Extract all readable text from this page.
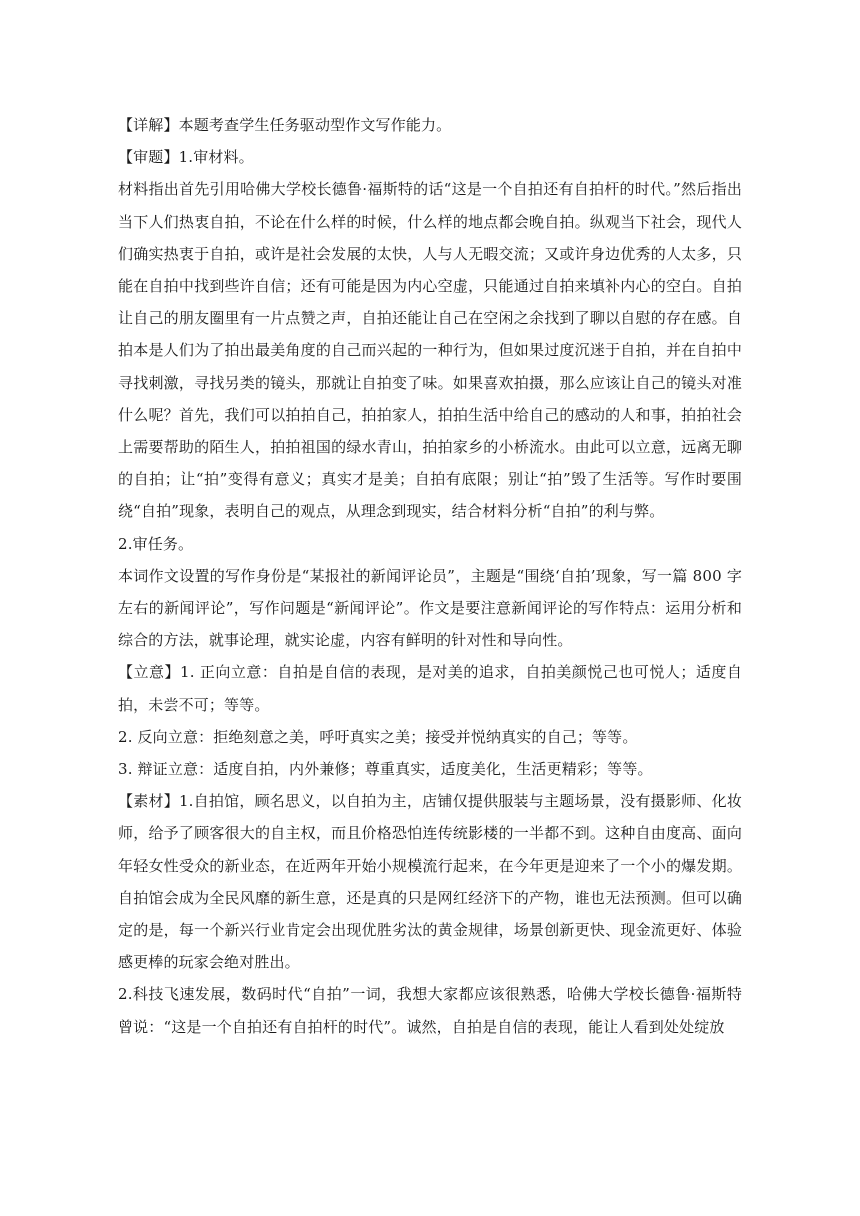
【详解】本题考查学生任务驱动型作文写作能力。

【审题】1.审材料。

材料指出首先引用哈佛大学校长德鲁·福斯特的话“这是一个自拍还有自拍杆的时代。”然后指出当下人们热衷自拍，不论在什么样的时候，什么样的地点都会晚自拍。纵观当下社会，现代人们确实热衷于自拍，或许是社会发展的太快，人与人无暇交流；又或许身边优秀的人太多，只能在自拍中找到些许自信；还有可能是因为内心空虚，只能通过自拍来填补内心的空白。自拍让自己的朋友圈里有一片点赞之声，自拍还能让自己在空闲之余找到了聊以自慰的存在感。自拍本是人们为了拍出最美角度的自己而兴起的一种行为，但如果过度沉迷于自拍，并在自拍中寻找刺激，寻找另类的镜头，那就让自拍变了味。如果喜欢拍摄，那么应该让自己的镜头对准什么呢？首先，我们可以拍拍自己，拍拍家人，拍拍生活中给自己的感动的人和事，拍拍社会上需要帮助的陌生人，拍拍祖国的绿水青山，拍拍家乡的小桥流水。由此可以立意，远离无聊的自拍；让“拍”变得有意义；真实才是美；自拍有底限；别让“拍”毁了生活等。写作时要围绕“自拍”现象，表明自己的观点，从理念到现实，结合材料分析“自拍”的利与弊。

2.审任务。

本词作文设置的写作身份是“某报社的新闻评论员”，主题是“围绕‘自拍’现象，写一篇 800 字左右的新闻评论”，写作问题是“新闻评论”。作文是要注意新闻评论的写作特点：运用分析和综合的方法，就事论理，就实论虚，内容有鲜明的针对性和导向性。

【立意】1. 正向立意：自拍是自信的表现，是对美的追求，自拍美颜悦己也可悦人；适度自拍，未尝不可；等等。

2. 反向立意：拒绝刻意之美，呼吁真实之美；接受并悦纳真实的自己；等等。

3. 辩证立意：适度自拍，内外兼修；尊重真实，适度美化，生活更精彩；等等。

【素材】1.自拍馆，顾名思义，以自拍为主，店铺仅提供服装与主题场景，没有摄影师、化妆师，给予了顾客很大的自主权，而且价格恐怕连传统影楼的一半都不到。这种自由度高、面向年轻女性受众的新业态，在近两年开始小规模流行起来，在今年更是迎来了一个小的爆发期。自拍馆会成为全民风靡的新生意，还是真的只是网红经济下的产物，谁也无法预测。但可以确定的是，每一个新兴行业肯定会出现优胜劣汰的黄金规律，场景创新更快、现金流更好、体验感更棒的玩家会绝对胜出。

2.科技飞速发展，数码时代“自拍”一词，我想大家都应该很熟悉，哈佛大学校长德鲁·福斯特曾说：“这是一个自拍还有自拍杆的时代”。诚然，自拍是自信的表现，能让人看到处处绽放
